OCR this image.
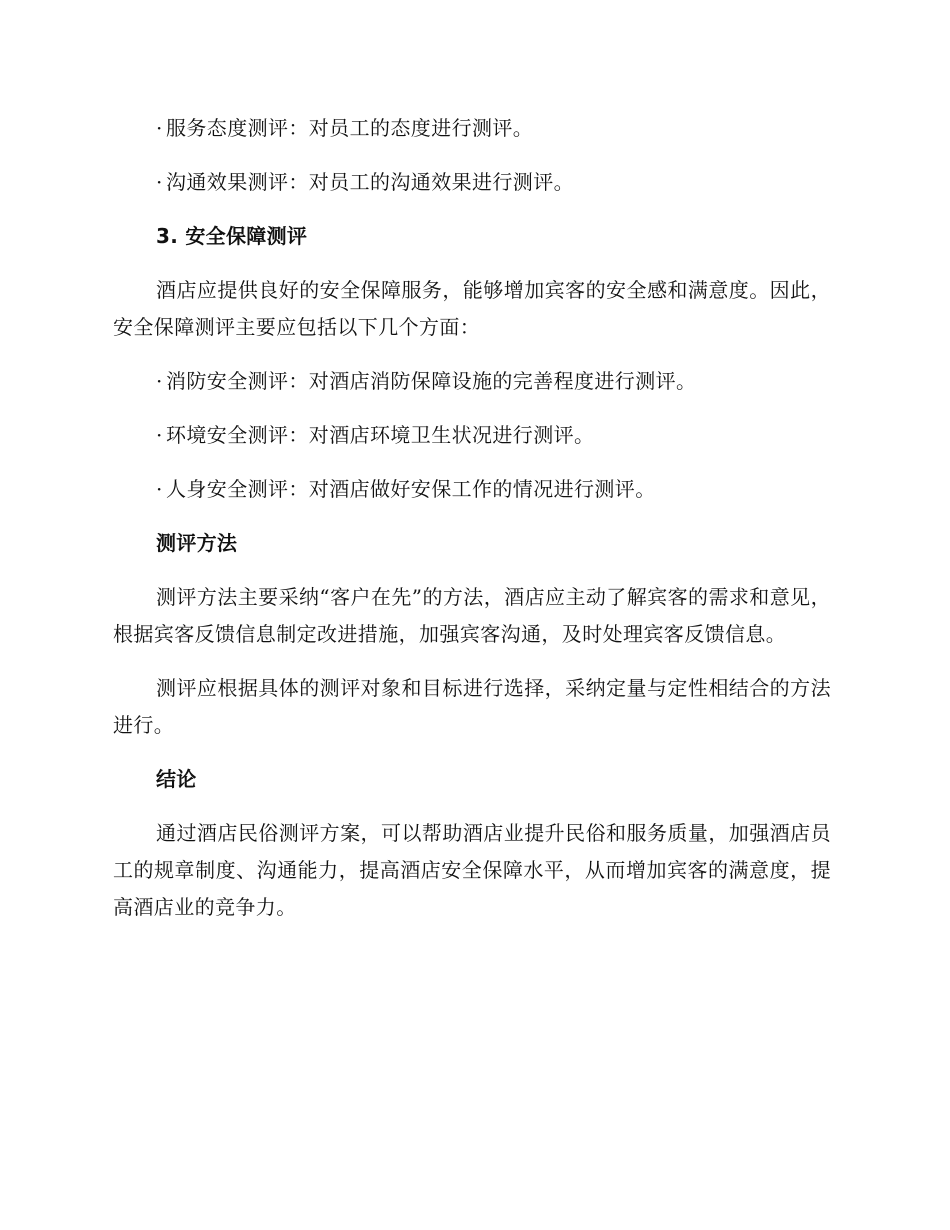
· 服务态度测评：对员工的态度进行测评。

· 沟通效果测评：对员工的沟通效果进行测评。

3. 安全保障测评

酒店应提供良好的安全保障服务，能够增加宾客的安全感和满意度。因此，安全保障测评主要应包括以下几个方面：

· 消防安全测评：对酒店消防保障设施的完善程度进行测评。

· 环境安全测评：对酒店环境卫生状况进行测评。

· 人身安全测评：对酒店做好安保工作的情况进行测评。

测评方法

测评方法主要采纳“客户在先”的方法，酒店应主动了解宾客的需求和意见，根据宾客反馈信息制定改进措施，加强宾客沟通，及时处理宾客反馈信息。

测评应根据具体的测评对象和目标进行选择，采纳定量与定性相结合的方法进行。

结论

通过酒店民俗测评方案，可以帮助酒店业提升民俗和服务质量，加强酒店员工的规章制度、沟通能力，提高酒店安全保障水平，从而增加宾客的满意度，提高酒店业的竞争力。
